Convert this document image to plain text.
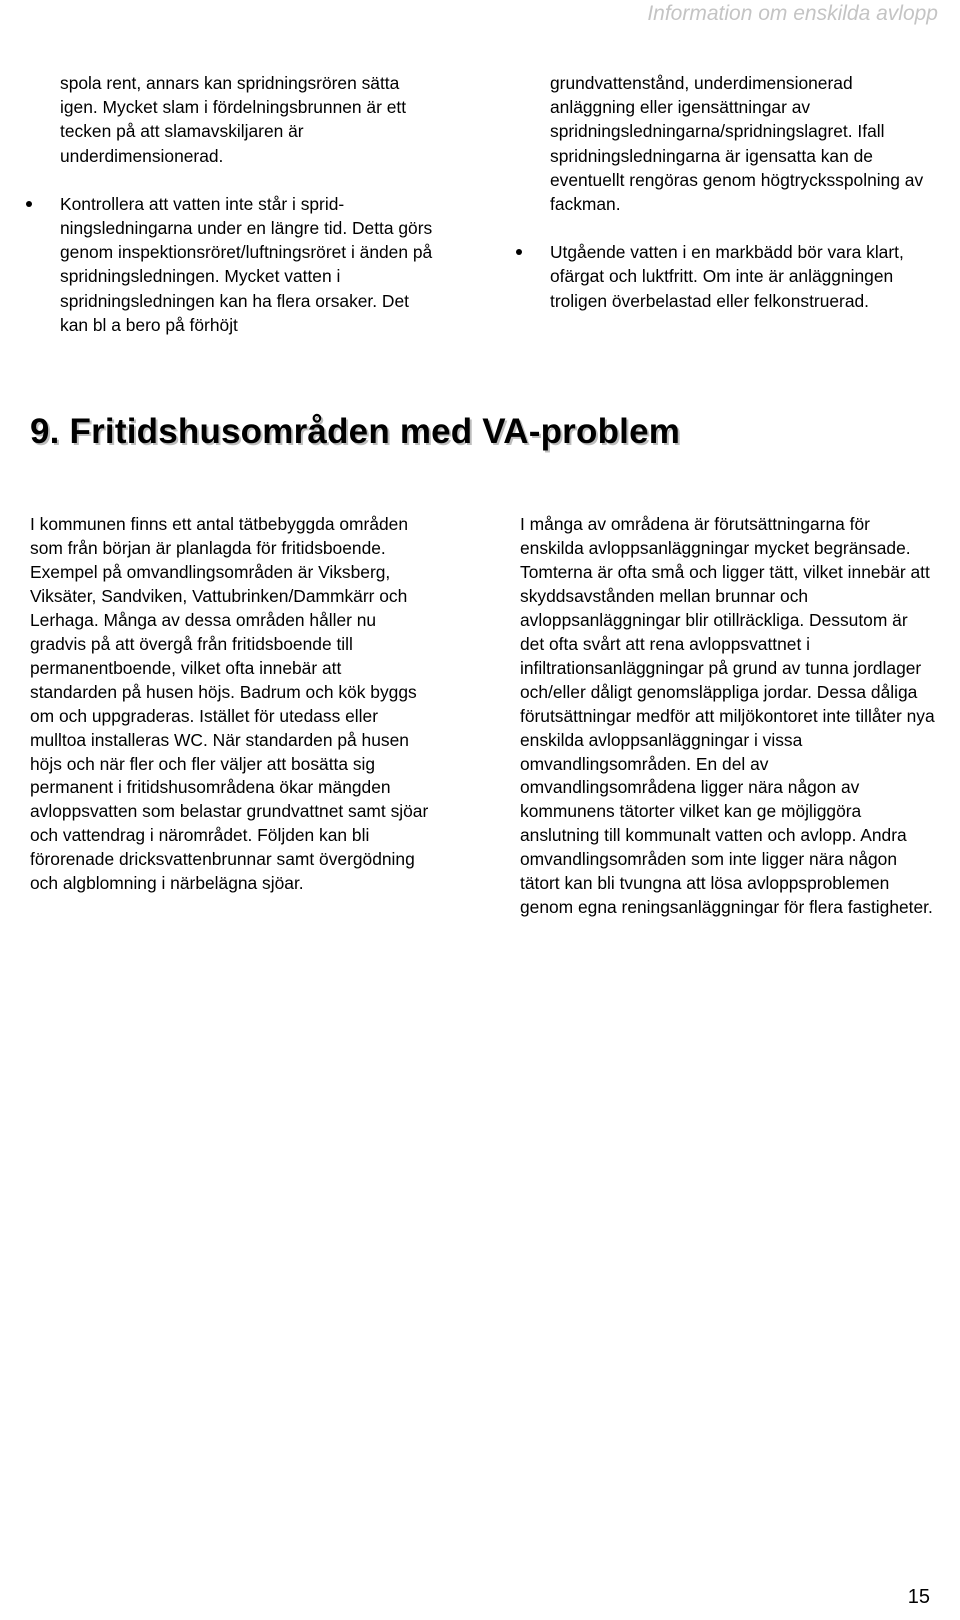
Information om enskilda avlopp

spola rent, annars kan spridningsrören sätta igen. Mycket slam i fördelningsbrunnen är ett tecken på att slamavskiljaren är underdimensionerad.

Kontrollera att vatten inte står i sprid-ningsledningarna under en längre tid. Detta görs genom inspektionsröret/luftningsröret i änden på spridningsledningen. Mycket vatten i spridningsledningen kan ha flera orsaker. Det kan bl a bero på förhöjt

grundvattenstånd, underdimensionerad anläggning eller igensättningar av spridningsledningarna/spridningslagret. Ifall spridningsledningarna är igensatta kan de eventuellt rengöras genom högtrycksspolning av fackman.

Utgående vatten i en markbädd bör vara klart, ofärgat och luktfritt. Om inte är anläggningen troligen överbelastad eller felkonstruerad.
9. Fritidshusområden med VA-problem

I kommunen finns ett antal tätbebyggda områden som från början är planlagda för fritidsboende. Exempel på omvandlingsområden är Viksberg, Viksäter, Sandviken, Vattubrinken/Dammkärr och Lerhaga. Många av dessa områden håller nu gradvis på att övergå från fritidsboende till permanentboende, vilket ofta innebär att standarden på husen höjs. Badrum och kök byggs om och uppgraderas. Istället för utedass eller mulltoa installeras WC. När standarden på husen höjs och när fler och fler väljer att bosätta sig permanent i fritidshusområdena ökar mängden avloppsvatten som belastar grundvattnet samt sjöar och vattendrag i närområdet. Följden kan bli förorenade dricksvattenbrunnar samt övergödning och algblomning i närbelägna sjöar.

I många av områdena är förutsättningarna för enskilda avloppsanläggningar mycket begränsade. Tomterna är ofta små och ligger tätt, vilket innebär att skyddsavstånden mellan brunnar och avloppsanläggningar blir otillräckliga. Dessutom är det ofta svårt att rena avloppsvattnet i infiltrationsanläggningar på grund av tunna jordlager och/eller dåligt genomsläppliga jordar. Dessa dåliga förutsättningar medför att miljökontoret inte tillåter nya enskilda avloppsanläggningar i vissa omvandlingsområden. En del av omvandlingsområdena ligger nära någon av kommunens tätorter vilket kan ge möjliggöra anslutning till kommunalt vatten och avlopp. Andra omvandlingsområden som inte ligger nära någon tätort kan bli tvungna att lösa avloppsproblemen genom egna reningsanläggningar för flera fastigheter.

15
